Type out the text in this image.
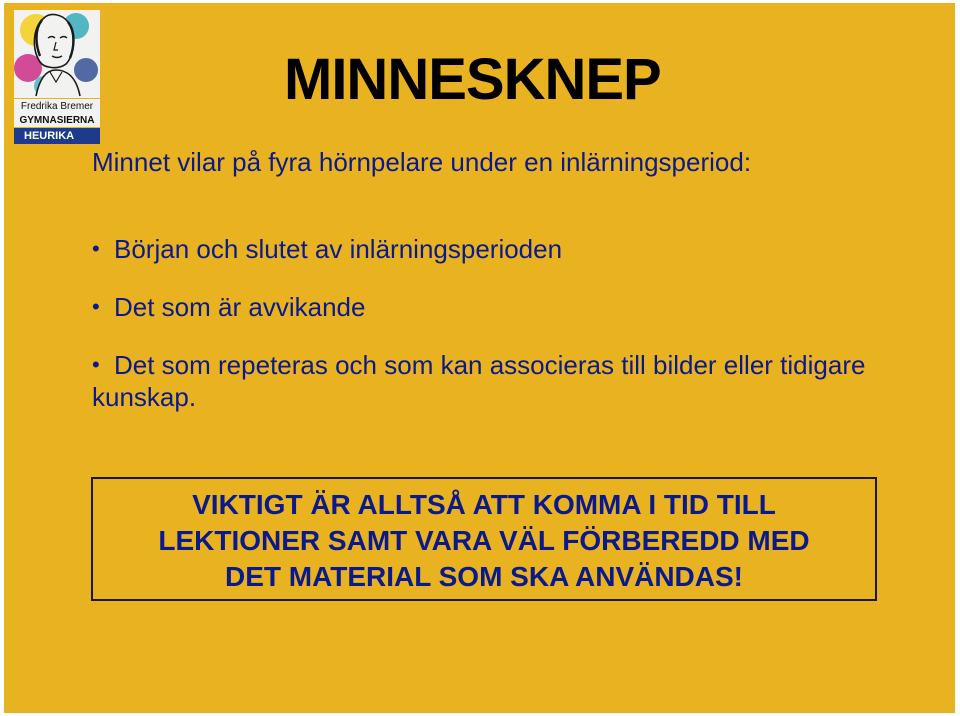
Fredrika Bremer
GYMNASIERNA
HEURIKA
MINNESKNEP

Minnet vilar på fyra hörnpelare under en inlärningsperiod:

• Början och slutet av inlärningsperioden
• Det som är avvikande
• Det som repeteras och som kan associeras till bilder eller tidigare kunskap.
VIKTIGT ÄR ALLTSÅ ATT KOMMA I TID TILL
LEKTIONER SAMT VARA VÄL FÖRBEREDD MED
DET MATERIAL SOM SKA ANVÄNDAS!
